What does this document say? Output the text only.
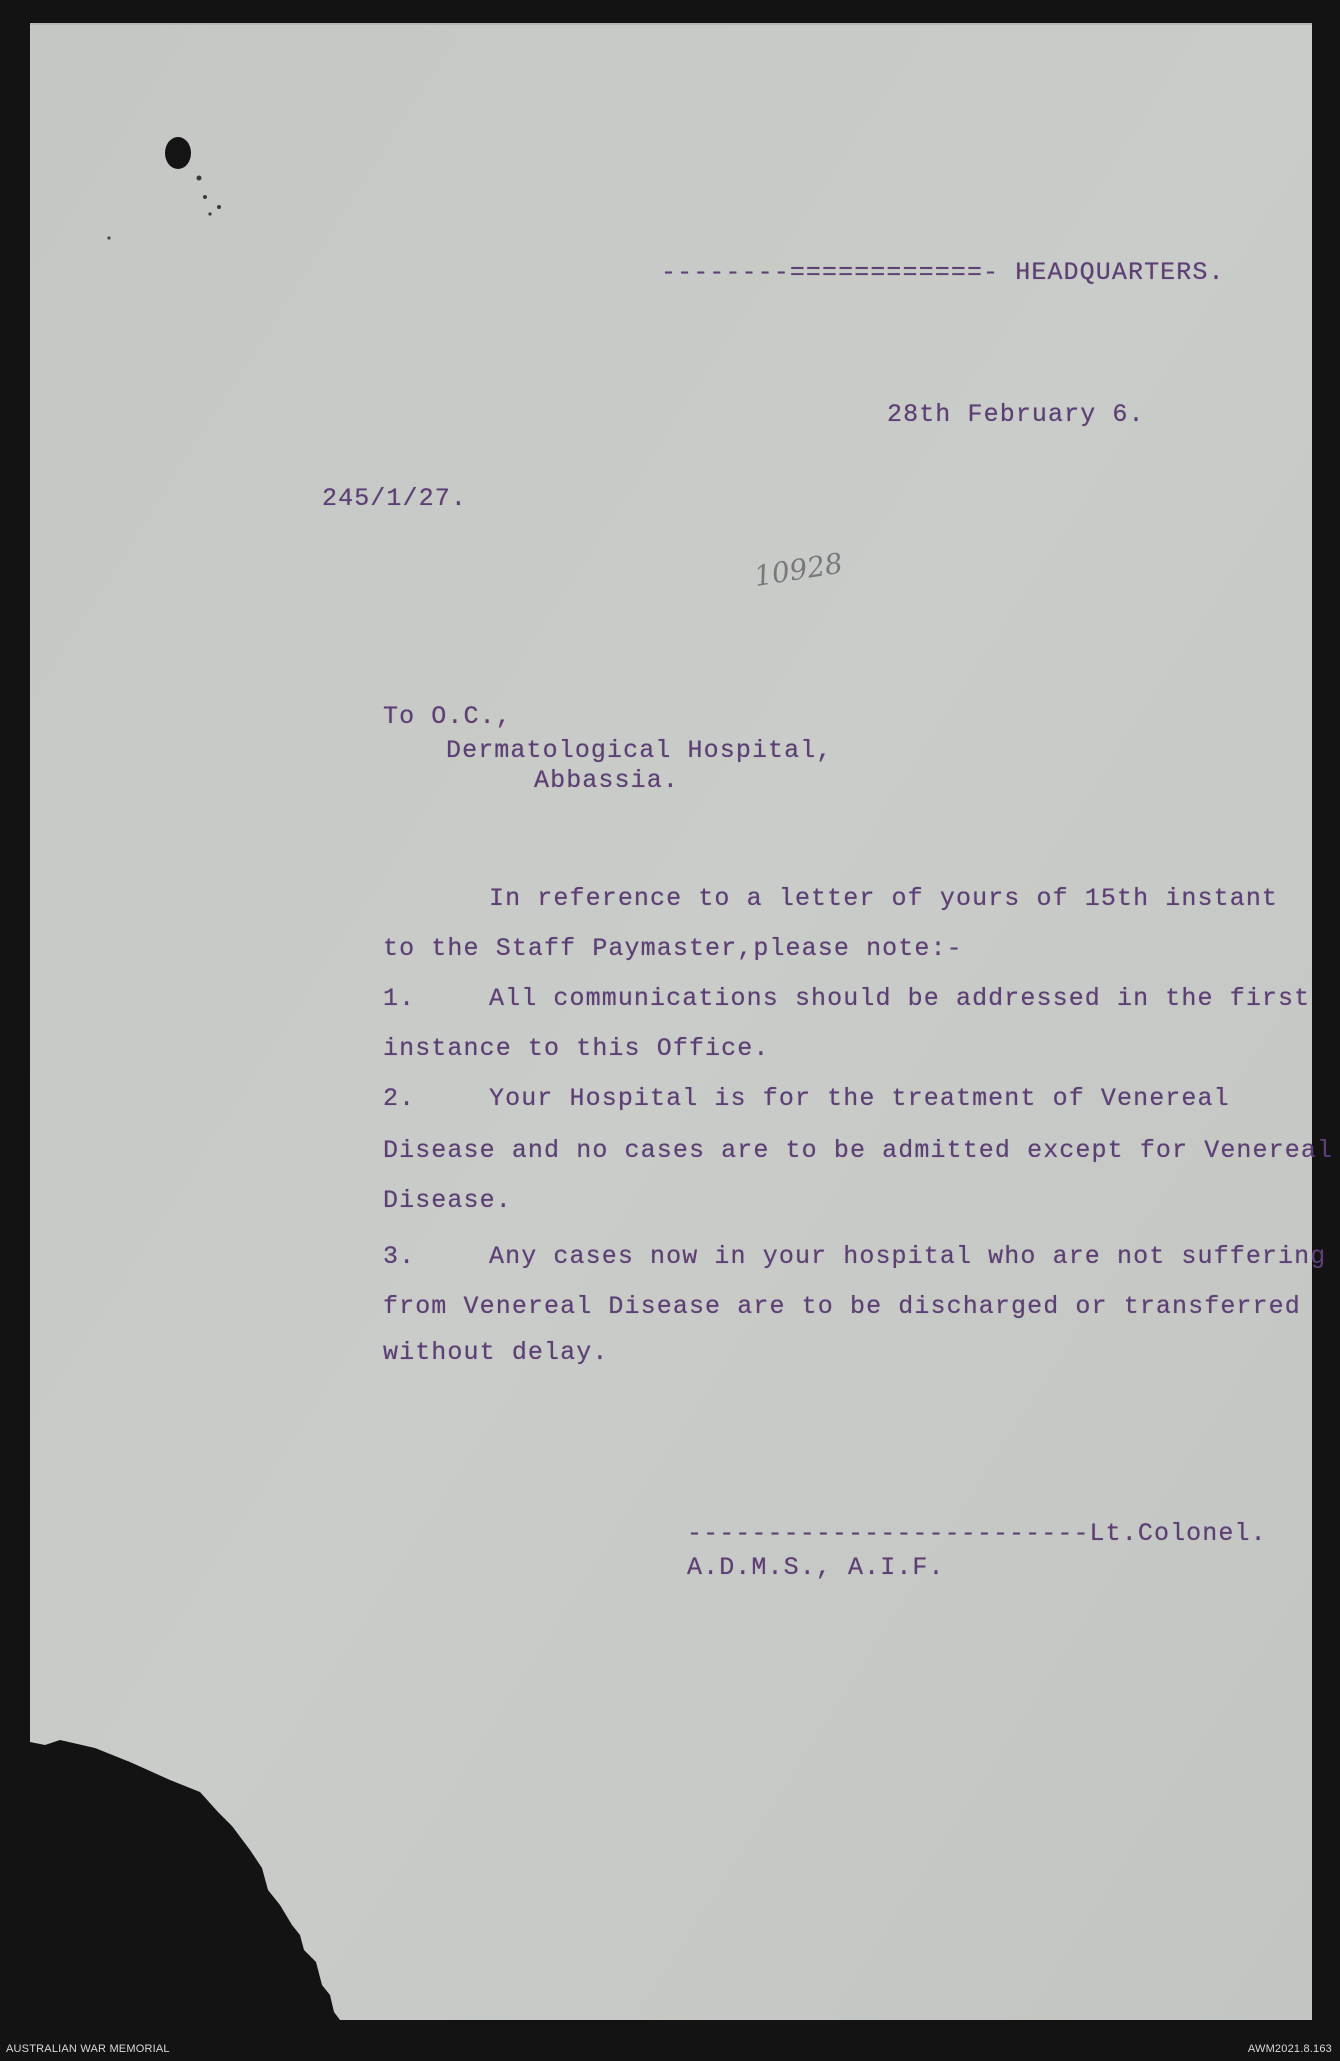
--------============- HEADQUARTERS.
28th February 6.
245/1/27.
10928
To O.C.,
Dermatological Hospital,
Abbassia.
In reference to a letter of yours of 15th instant
to the Staff Paymaster,please note:-
1.	All communications should be addressed in the first
instance to this Office.
2.	Your Hospital is for the treatment of Venereal
Disease and no cases are to be admitted except for Venereal
Disease.
3.	Any cases now in your hospital who are not suffering
from Venereal Disease are to be discharged or transferred
without delay.
-------------------------Lt.Colonel.
A.D.M.S., A.I.F.
AUSTRALIAN WAR MEMORIAL	AWM2021.8.163
